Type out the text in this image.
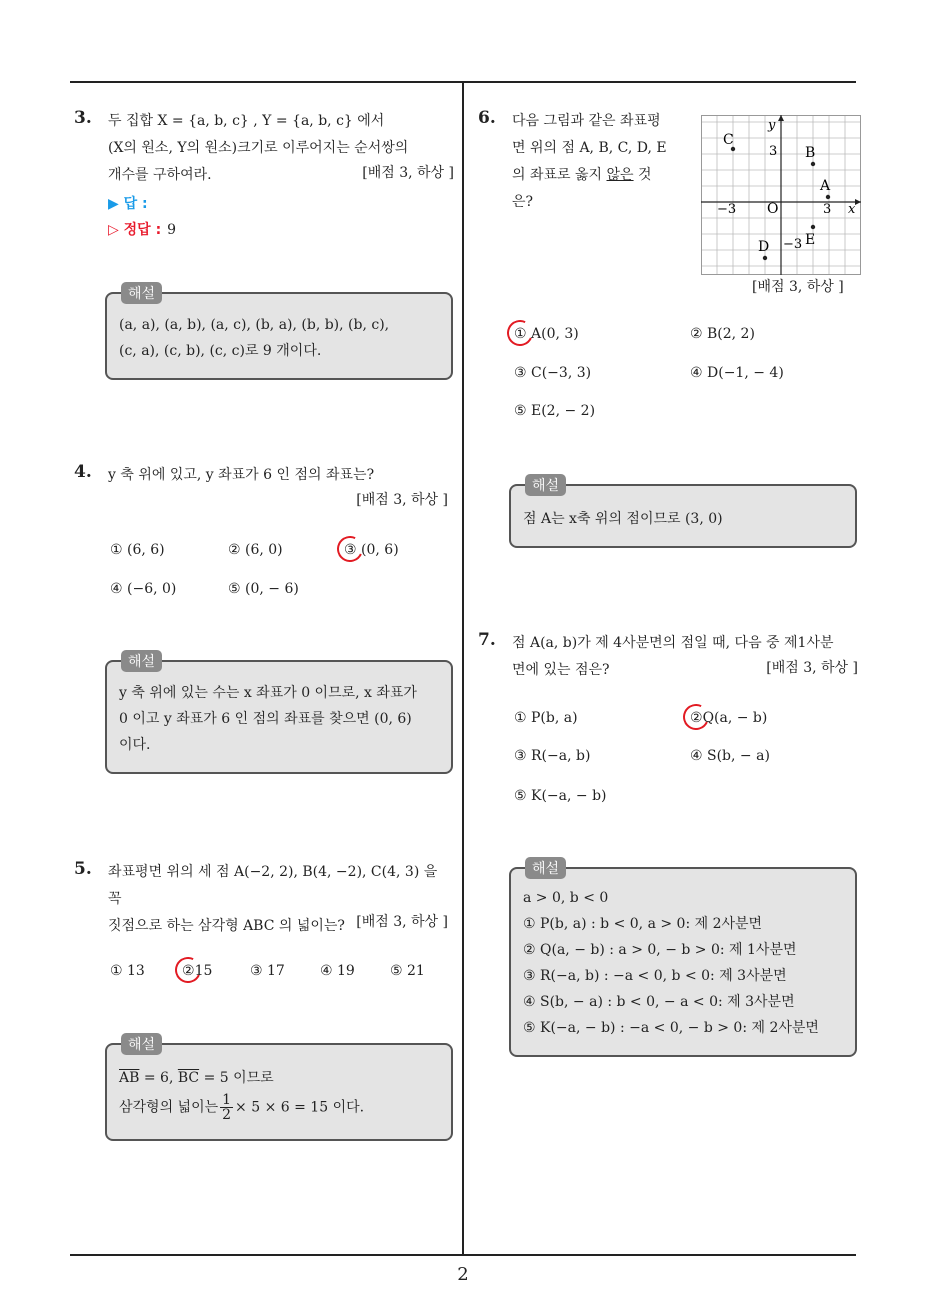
2
3. 두 집합 X = {a, b, c} , Y = {a, b, c} 에서
(X의 원소, Y의 원소)크기로 이루어지는 순서쌍의
개수를 구하여라.	[배점 3, 하상 ]
▶ 답 :
▷ 정답 : 9
해설
(a, a), (a, b), (a, c), (b, a), (b, b), (b, c),
(c, a), (c, b), (c, c)로 9 개이다.
4. y 축 위에 있고, y 좌표가 6 인 점의 좌표는?
[배점 3, 하상 ]
① (6, 6)	② (6, 0)	③ (0, 6)
④ (−6, 0)	⑤ (0, − 6)
해설
y 축 위에 있는 수는 x 좌표가 0 이므로, x 좌표가
0 이고 y 좌표가 6 인 점의 좌표를 찾으면 (0, 6)
이다.
5. 좌표평면 위의 세 점 A(−2, 2), B(4, −2), C(4, 3) 을 꼭
짓점으로 하는 삼각형 ABC 의 넓이는? [배점 3, 하상 ]
① 13	②15	③ 17	④ 19	⑤ 21
해설
$\overline{AB} = 6$, $\overline{BC} = 5$ 이므로
삼각형의 넓이는 $\frac{1}{2} \times 5 \times 6 = 15$ 이다.
6. 다음 그림과 같은 좌표평
면 위의 점 A, B, C, D, E
의 좌표로 옳지 않은 것
은?
C
B
A
E
D
y
x
O
3
3
−3
−3
[배점 3, 하상 ]
① A(0, 3)	② B(2, 2)
③ C(−3, 3)	④ D(−1, − 4)
⑤ E(2, − 2)
해설
점 A는 x축 위의 점이므로 (3, 0)
7. 점 A(a, b)가 제 4사분면의 점일 때, 다음 중 제1사분
면에 있는 점은?	[배점 3, 하상 ]
① P(b, a)	②Q(a, − b)
③ R(−a, b)	④ S(b, − a)
⑤ K(−a, − b)
해설
a > 0, b < 0
① P(b, a) : b < 0, a > 0: 제 2사분면
② Q(a, − b) : a > 0, − b > 0: 제 1사분면
③ R(−a, b) : −a < 0, b < 0: 제 3사분면
④ S(b, − a) : b < 0, − a < 0: 제 3사분면
⑤ K(−a, − b) : −a < 0, − b > 0: 제 2사분면
